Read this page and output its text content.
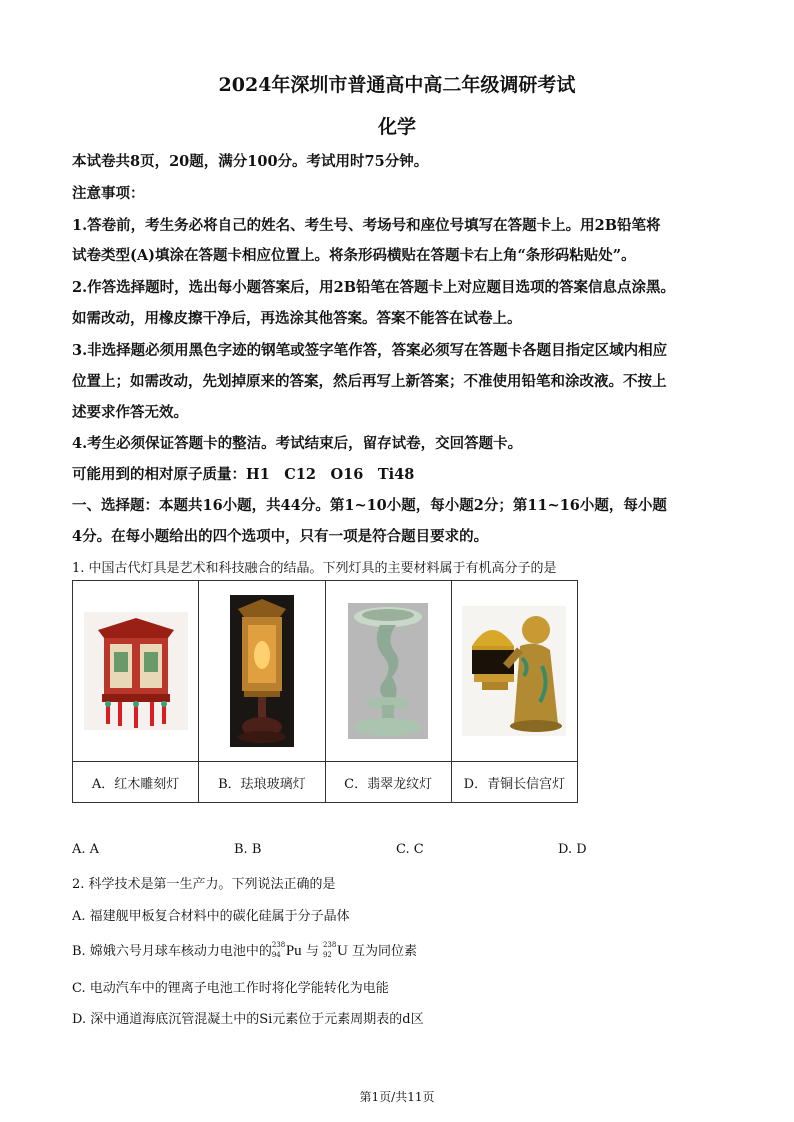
2024年深圳市普通高中高二年级调研考试
化学
本试卷共8页，20题，满分100分。考试用时75分钟。
注意事项：
1.答卷前，考生务必将自己的姓名、考生号、考场号和座位号填写在答题卡上。用2B铅笔将
试卷类型(A)填涂在答题卡相应位置上。将条形码横贴在答题卡右上角“条形码粘贴处”。
2.作答选择题时，选出每小题答案后，用2B铅笔在答题卡上对应题目选项的答案信息点涂黑。
如需改动，用橡皮擦干净后，再选涂其他答案。答案不能答在试卷上。
3.非选择题必须用黑色字迹的钢笔或签字笔作答，答案必须写在答题卡各题目指定区域内相应
位置上；如需改动，先划掉原来的答案，然后再写上新答案；不准使用铅笔和涂改液。不按上
述要求作答无效。
4.考生必须保证答题卡的整洁。考试结束后，留存试卷，交回答题卡。
可能用到的相对原子质量：H1　C12　O16　Ti48
一、选择题：本题共16小题，共44分。第1~10小题，每小题2分；第11~16小题，每小题
4分。在每小题给出的四个选项中，只有一项是符合题目要求的。
1. 中国古代灯具是艺术和科技融合的结晶。下列灯具的主要材料属于有机高分子的是

A．红木雕刻灯	B．珐琅玻璃灯	C．翡翠龙纹灯	D．青铜长信宫灯
A. A	B. B	C. C	D. D
2. 科学技术是第一生产力。下列说法正确的是
A. 福建舰甲板复合材料中的碳化硅属于分子晶体
B. 嫦娥六号月球车核动力电池中的 238
94 Pu 与 238
92 U 互为同位素
C. 电动汽车中的锂离子电池工作时将化学能转化为电能
D. 深中通道海底沉管混凝土中的Si元素位于元素周期表的d区
第1页/共11页
